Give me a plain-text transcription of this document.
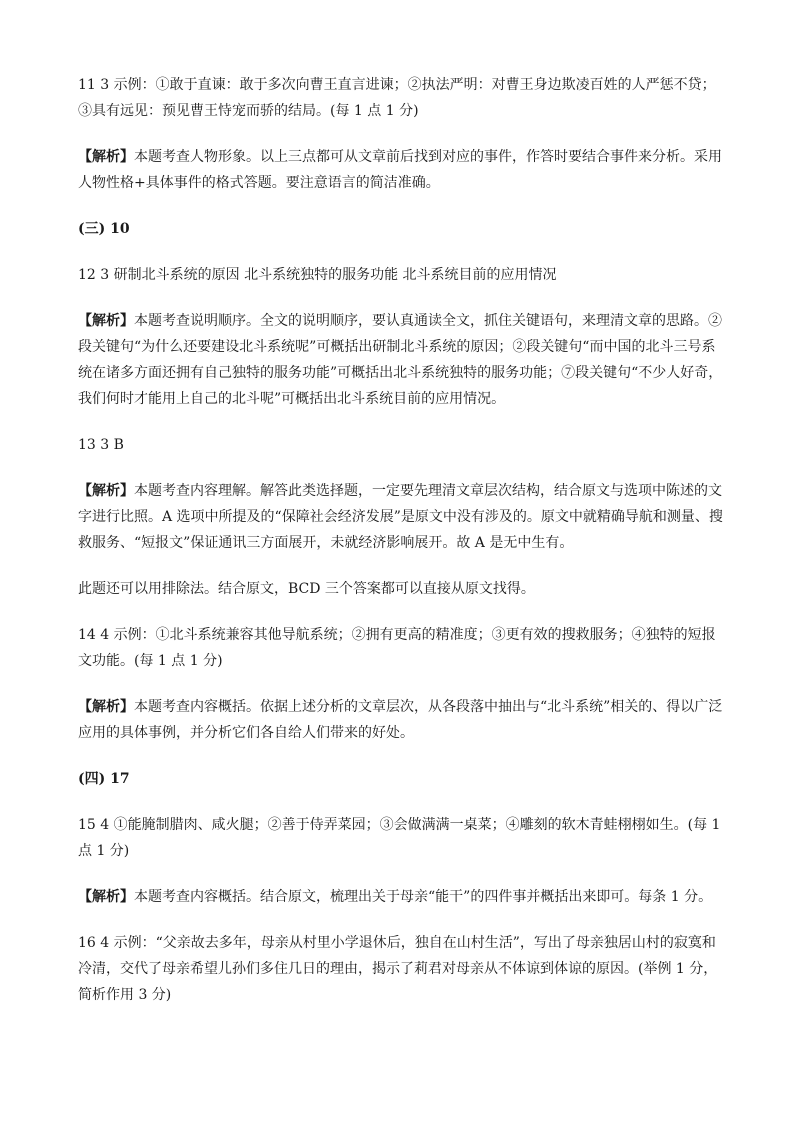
11 3 示例：①敢于直谏：敢于多次向曹王直言进谏；②执法严明：对曹王身边欺凌百姓的人严惩不贷；③具有远见：预见曹王恃宠而骄的结局。(每 1 点 1 分)

【解析】本题考查人物形象。以上三点都可从文章前后找到对应的事件，作答时要结合事件来分析。采用人物性格+具体事件的格式答题。要注意语言的简洁准确。

(三) 10

12 3 研制北斗系统的原因 北斗系统独特的服务功能 北斗系统目前的应用情况

【解析】本题考查说明顺序。全文的说明顺序，要认真通读全文，抓住关键语句，来理清文章的思路。②段关键句“为什么还要建设北斗系统呢”可概括出研制北斗系统的原因；②段关键句“而中国的北斗三号系统在诸多方面还拥有自己独特的服务功能”可概括出北斗系统独特的服务功能；⑦段关键句“不少人好奇，我们何时才能用上自己的北斗呢”可概括出北斗系统目前的应用情况。

13 3 B

【解析】本题考查内容理解。解答此类选择题，一定要先理清文章层次结构，结合原文与选项中陈述的文字进行比照。A 选项中所提及的“保障社会经济发展”是原文中没有涉及的。原文中就精确导航和测量、搜救服务、“短报文”保证通讯三方面展开，未就经济影响展开。故 A 是无中生有。

此题还可以用排除法。结合原文，BCD 三个答案都可以直接从原文找得。

14 4 示例：①北斗系统兼容其他导航系统；②拥有更高的精准度；③更有效的搜救服务；④独特的短报文功能。(每 1 点 1 分)

【解析】本题考查内容概括。依据上述分析的文章层次，从各段落中抽出与“北斗系统”相关的、得以广泛应用的具体事例，并分析它们各自给人们带来的好处。

(四) 17

15 4 ①能腌制腊肉、咸火腿；②善于侍弄菜园；③会做满满一桌菜；④雕刻的软木青蛙栩栩如生。(每 1 点 1 分)

【解析】本题考查内容概括。结合原文，梳理出关于母亲“能干”的四件事并概括出来即可。每条 1 分。

16 4 示例：“父亲故去多年，母亲从村里小学退休后，独自在山村生活”，写出了母亲独居山村的寂寞和冷清，交代了母亲希望儿孙们多住几日的理由，揭示了莉君对母亲从不体谅到体谅的原因。(举例 1 分，简析作用 3 分)
